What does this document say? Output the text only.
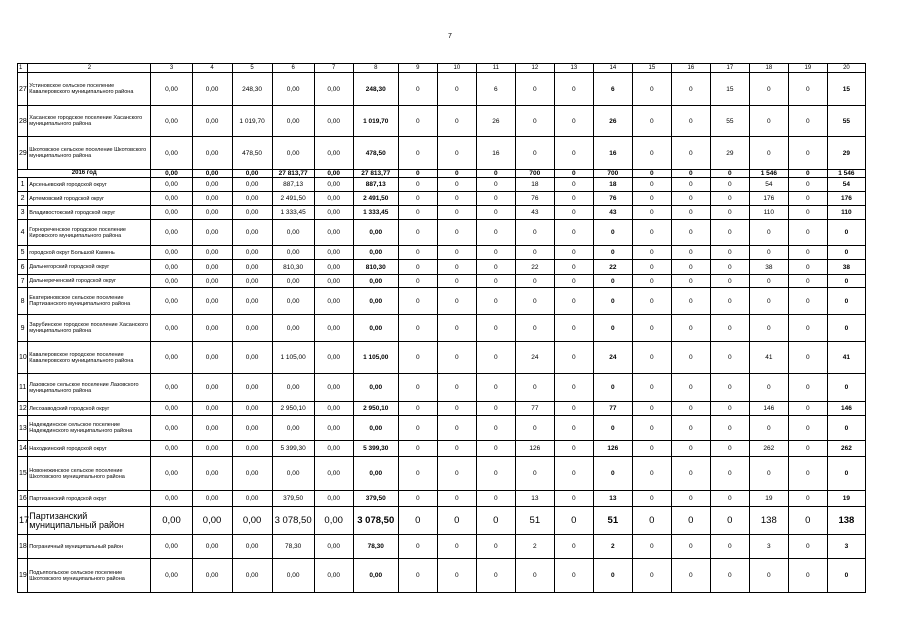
7
1	2	3	4	5	6	7	8	9	10	11	12	13	14	15	16	17	18	19	20
27	Устиновское сельское поселение Кавалеровского муниципального района	0,00	0,00	248,30	0,00	0,00	248,30	0	0	6	0	0	6	0	0	15	0	0	15
28	Хасанское городское поселение Хасанского муниципального района	0,00	0,00	1 019,70	0,00	0,00	1 019,70	0	0	26	0	0	26	0	0	55	0	0	55
29	Шкотовское сельское поселение Шкотовского муниципального района	0,00	0,00	478,50	0,00	0,00	478,50	0	0	16	0	0	16	0	0	29	0	0	29
2016 год		0,00	0,00	0,00	27 813,77	0,00	27 813,77	0	0	0	700	0	700	0	0	0	1 546	0	1 546
1	Арсеньевский городской округ	0,00	0,00	0,00	887,13	0,00	887,13	0	0	0	18	0	18	0	0	0	54	0	54
2	Артемовский городской округ	0,00	0,00	0,00	2 491,50	0,00	2 491,50	0	0	0	76	0	76	0	0	0	176	0	176
3	Владивостокский городской округ	0,00	0,00	0,00	1 333,45	0,00	1 333,45	0	0	0	43	0	43	0	0	0	110	0	110
4	Горнореченское городское поселение Кировского муниципального района	0,00	0,00	0,00	0,00	0,00	0,00	0	0	0	0	0	0	0	0	0	0	0	0
5	городской округ Большой Камень	0,00	0,00	0,00	0,00	0,00	0,00	0	0	0	0	0	0	0	0	0	0	0	0
6	Дальнегорский городской округ	0,00	0,00	0,00	810,30	0,00	810,30	0	0	0	22	0	22	0	0	0	38	0	38
7	Дальнереченский городской округ	0,00	0,00	0,00	0,00	0,00	0,00	0	0	0	0	0	0	0	0	0	0	0	0
8	Екатериновское сельское поселение Партизанского муниципального района	0,00	0,00	0,00	0,00	0,00	0,00	0	0	0	0	0	0	0	0	0	0	0	0
9	Зарубинское городское поселение Хасанского муниципального района	0,00	0,00	0,00	0,00	0,00	0,00	0	0	0	0	0	0	0	0	0	0	0	0
10	Кавалеровское городское поселение Кавалеровского муниципального района	0,00	0,00	0,00	1 105,00	0,00	1 105,00	0	0	0	24	0	24	0	0	0	41	0	41
11	Лазовское сельское поселение Лазовского муниципального района	0,00	0,00	0,00	0,00	0,00	0,00	0	0	0	0	0	0	0	0	0	0	0	0
12	Лесозаводский городской округ	0,00	0,00	0,00	2 950,10	0,00	2 950,10	0	0	0	77	0	77	0	0	0	146	0	146
13	Надеждинское сельское поселение Надеждинского муниципального района	0,00	0,00	0,00	0,00	0,00	0,00	0	0	0	0	0	0	0	0	0	0	0	0
14	Находкинский городской округ	0,00	0,00	0,00	5 399,30	0,00	5 399,30	0	0	0	126	0	126	0	0	0	262	0	262
15	Новонежинское сельское поселение Шкотовского муниципального района	0,00	0,00	0,00	0,00	0,00	0,00	0	0	0	0	0	0	0	0	0	0	0	0
16	Партизанский городской округ	0,00	0,00	0,00	379,50	0,00	379,50	0	0	0	13	0	13	0	0	0	19	0	19
17	Партизанский муниципальный район	0,00	0,00	0,00	3 078,50	0,00	3 078,50	0	0	0	51	0	51	0	0	0	138	0	138
18	Пограничный муниципальный район	0,00	0,00	0,00	78,30	0,00	78,30	0	0	0	2	0	2	0	0	0	3	0	3
19	Подъяпольское сельское поселение Шкотовского муниципального района	0,00	0,00	0,00	0,00	0,00	0,00	0	0	0	0	0	0	0	0	0	0	0	0
